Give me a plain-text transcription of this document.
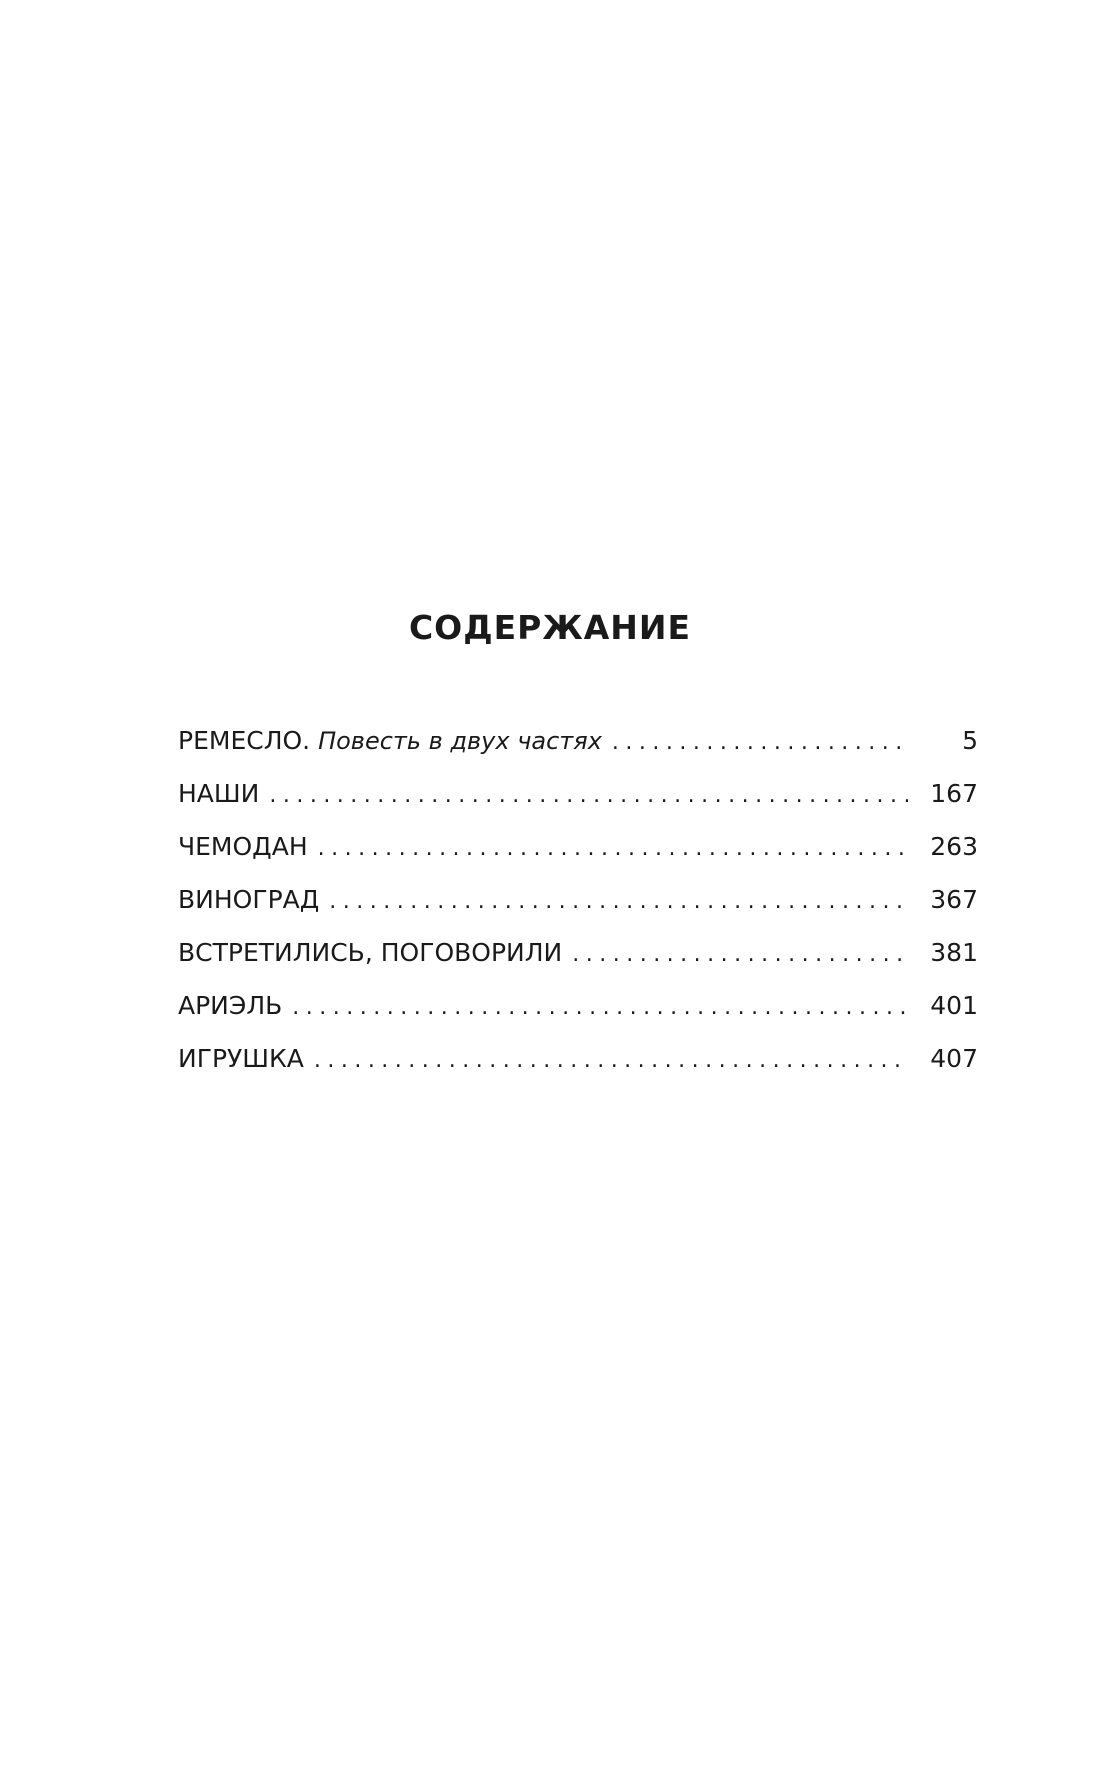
СОДЕРЖАНИЕ
РЕМЕСЛО. Повесть в двух частях .....	5
НАШИ .....	167
ЧЕМОДАН .....	263
ВИНОГРАД .....	367
ВСТРЕТИЛИСЬ, ПОГОВОРИЛИ .....	381
АРИЭЛЬ .....	401
ИГРУШКА .....	407
